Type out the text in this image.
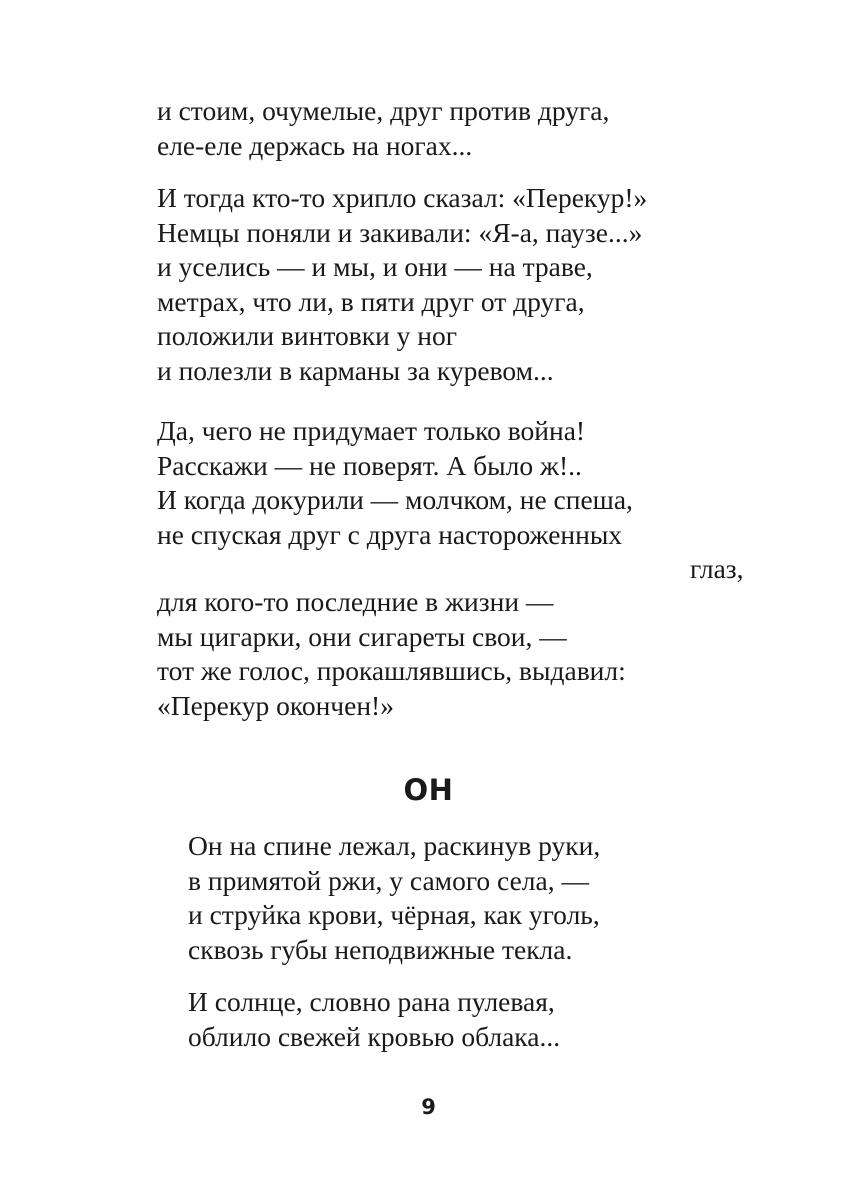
и стоим, очумелые, друг против друга,
еле-еле держась на ногах...
И тогда кто-то хрипло сказал: «Перекур!»
Немцы поняли и закивали: «Я-а, паузе...»
и уселись — и мы, и они — на траве,
метрах, что ли, в пяти друг от друга,
положили винтовки у ног
и полезли в карманы за куревом...
Да, чего не придумает только война!
Расскажи — не поверят. А было ж!..
И когда докурили — молчком, не спеша,
не спуская друг с друга настороженных
глаз,
для кого-то последние в жизни —
мы цигарки, они сигареты свои, —
тот же голос, прокашлявшись, выдавил:
«Перекур окончен!»
ОН
Он на спине лежал, раскинув руки,
в примятой ржи, у самого села, —
и струйка крови, чёрная, как уголь,
сквозь губы неподвижные текла.
И солнце, словно рана пулевая,
облило свежей кровью облака...
9
